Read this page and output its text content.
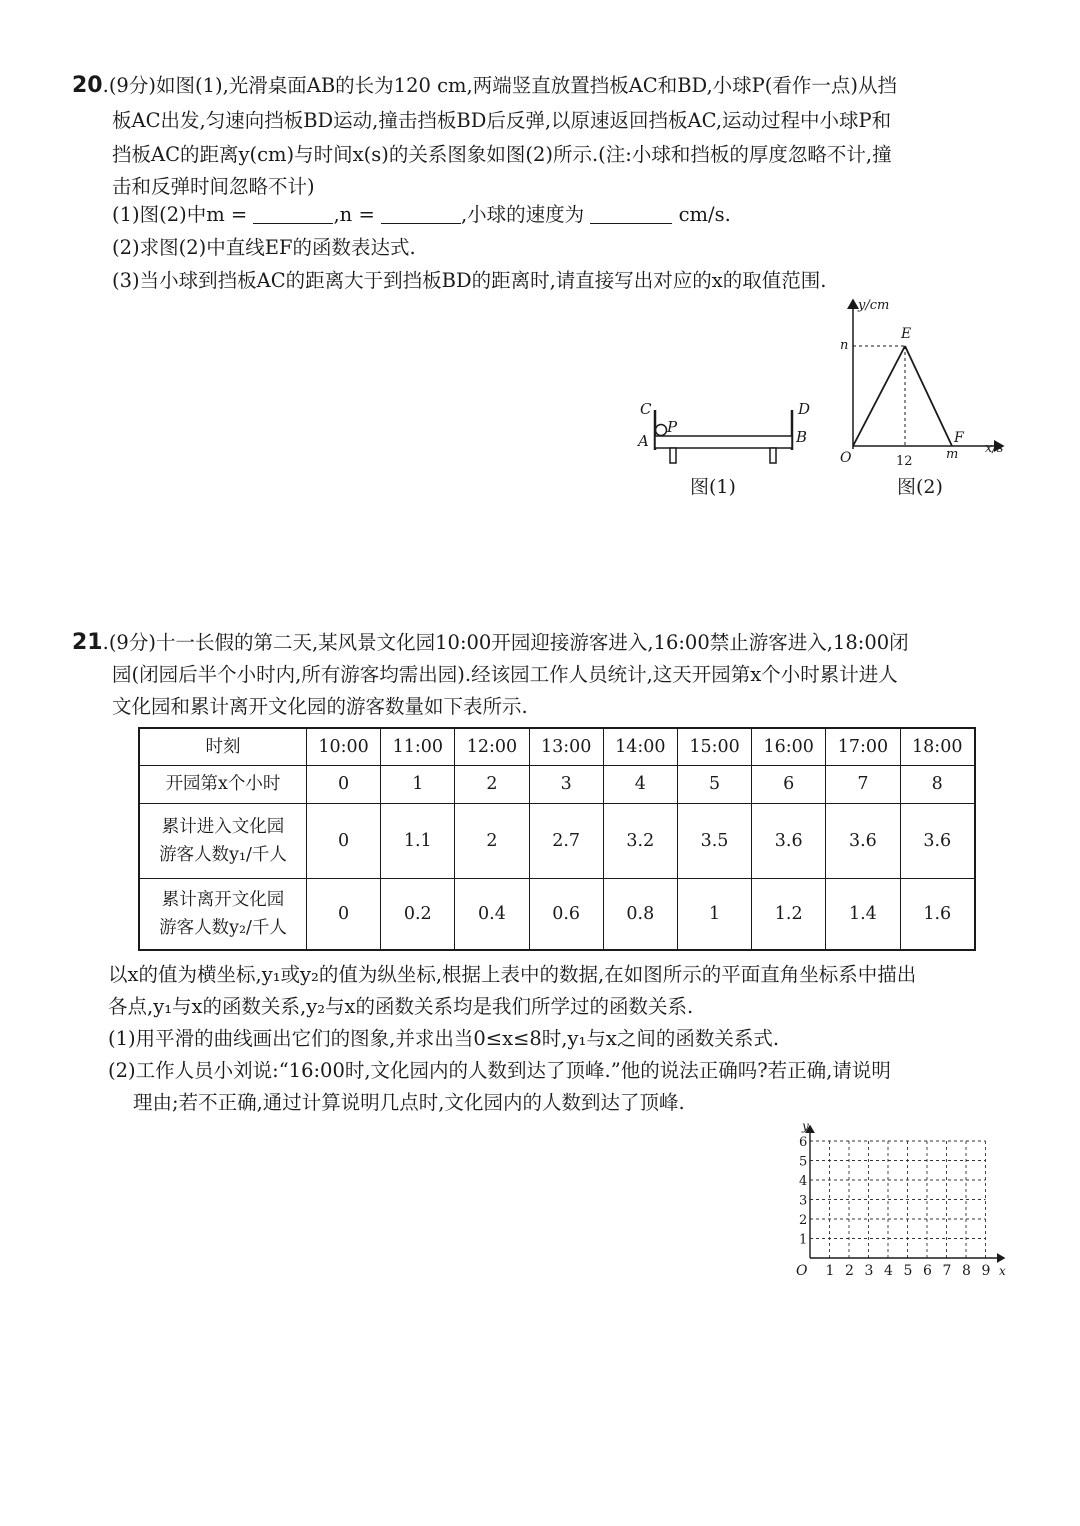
20.(9分)如图(1),光滑桌面AB的长为120 cm,两端竖直放置挡板AC和BD,小球P(看作一点)从挡
板AC出发,匀速向挡板BD运动,撞击挡板BD后反弹,以原速返回挡板AC,运动过程中小球P和
挡板AC的距离y(cm)与时间x(s)的关系图象如图(2)所示.(注:小球和挡板的厚度忽略不计,撞
击和反弹时间忽略不计)
(1)图(2)中m =	,n =	,小球的速度为	cm/s.
(2)求图(2)中直线EF的函数表达式.
(3)当小球到挡板AC的距离大于到挡板BD的距离时,请直接写出对应的x的取值范围.
C	D
A	B
P
图(1)
y/cm
x/s
n
E
F
O	12	m
图(2)
21.(9分)十一长假的第二天,某风景文化园10:00开园迎接游客进入,16:00禁止游客进入,18:00闭
园(闭园后半个小时内,所有游客均需出园).经该园工作人员统计,这天开园第x个小时累计进人
文化园和累计离开文化园的游客数量如下表所示.
时刻	10:00	11:00	12:00	13:00	14:00	15:00	16:00	17:00	18:00
开园第x个小时	0	1	2	3	4	5	6	7	8

累计进入文化园
游客人数y₁/千人	0	1.1	2	2.7	3.2	3.5	3.6	3.6	3.6

累计离开文化园
游客人数y₂/千人	0	0.2	0.4	0.6	0.8	1	1.2	1.4	1.6
以x的值为横坐标,y₁或y₂的值为纵坐标,根据上表中的数据,在如图所示的平面直角坐标系中描出
各点,y₁与x的函数关系,y₂与x的函数关系均是我们所学过的函数关系.
(1)用平滑的曲线画出它们的图象,并求出当0≤x≤8时,y₁与x之间的函数关系式.
(2)工作人员小刘说:“16:00时,文化园内的人数到达了顶峰.”他的说法正确吗?若正确,请说明
理由;若不正确,通过计算说明几点时,文化园内的人数到达了顶峰.
y
x
O 1 2 3 4 5 6 7 8 9
1
2
3
4
5
6
